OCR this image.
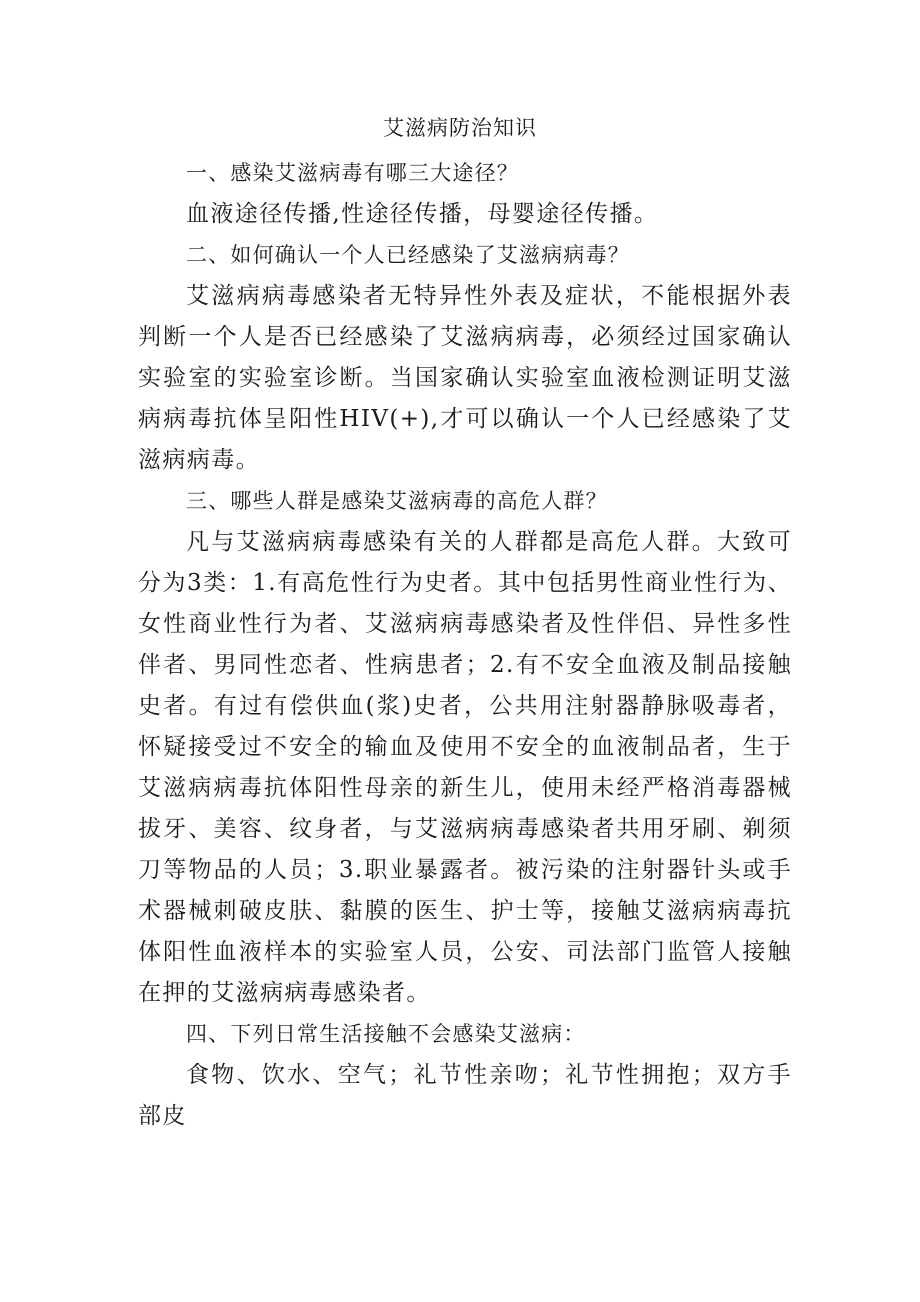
艾滋病防治知识

一、感染艾滋病毒有哪三大途径？

血液途径传播,性途径传播，母婴途径传播。

二、如何确认一个人已经感染了艾滋病病毒？

艾滋病病毒感染者无特异性外表及症状，不能根据外表判断一个人是否已经感染了艾滋病病毒，必须经过国家确认实验室的实验室诊断。当国家确认实验室血液检测证明艾滋病病毒抗体呈阳性HIV(+),才可以确认一个人已经感染了艾滋病病毒。

三、哪些人群是感染艾滋病毒的高危人群？

凡与艾滋病病毒感染有关的人群都是高危人群。大致可分为3类：1.有高危性行为史者。其中包括男性商业性行为、女性商业性行为者、艾滋病病毒感染者及性伴侣、异性多性伴者、男同性恋者、性病患者；2.有不安全血液及制品接触史者。有过有偿供血(浆)史者，公共用注射器静脉吸毒者，怀疑接受过不安全的输血及使用不安全的血液制品者，生于艾滋病病毒抗体阳性母亲的新生儿，使用未经严格消毒器械拔牙、美容、纹身者，与艾滋病病毒感染者共用牙刷、剃须刀等物品的人员；3.职业暴露者。被污染的注射器针头或手术器械刺破皮肤、黏膜的医生、护士等，接触艾滋病病毒抗体阳性血液样本的实验室人员，公安、司法部门监管人接触在押的艾滋病病毒感染者。

四、下列日常生活接触不会感染艾滋病：

食物、饮水、空气；礼节性亲吻；礼节性拥抱；双方手部皮
